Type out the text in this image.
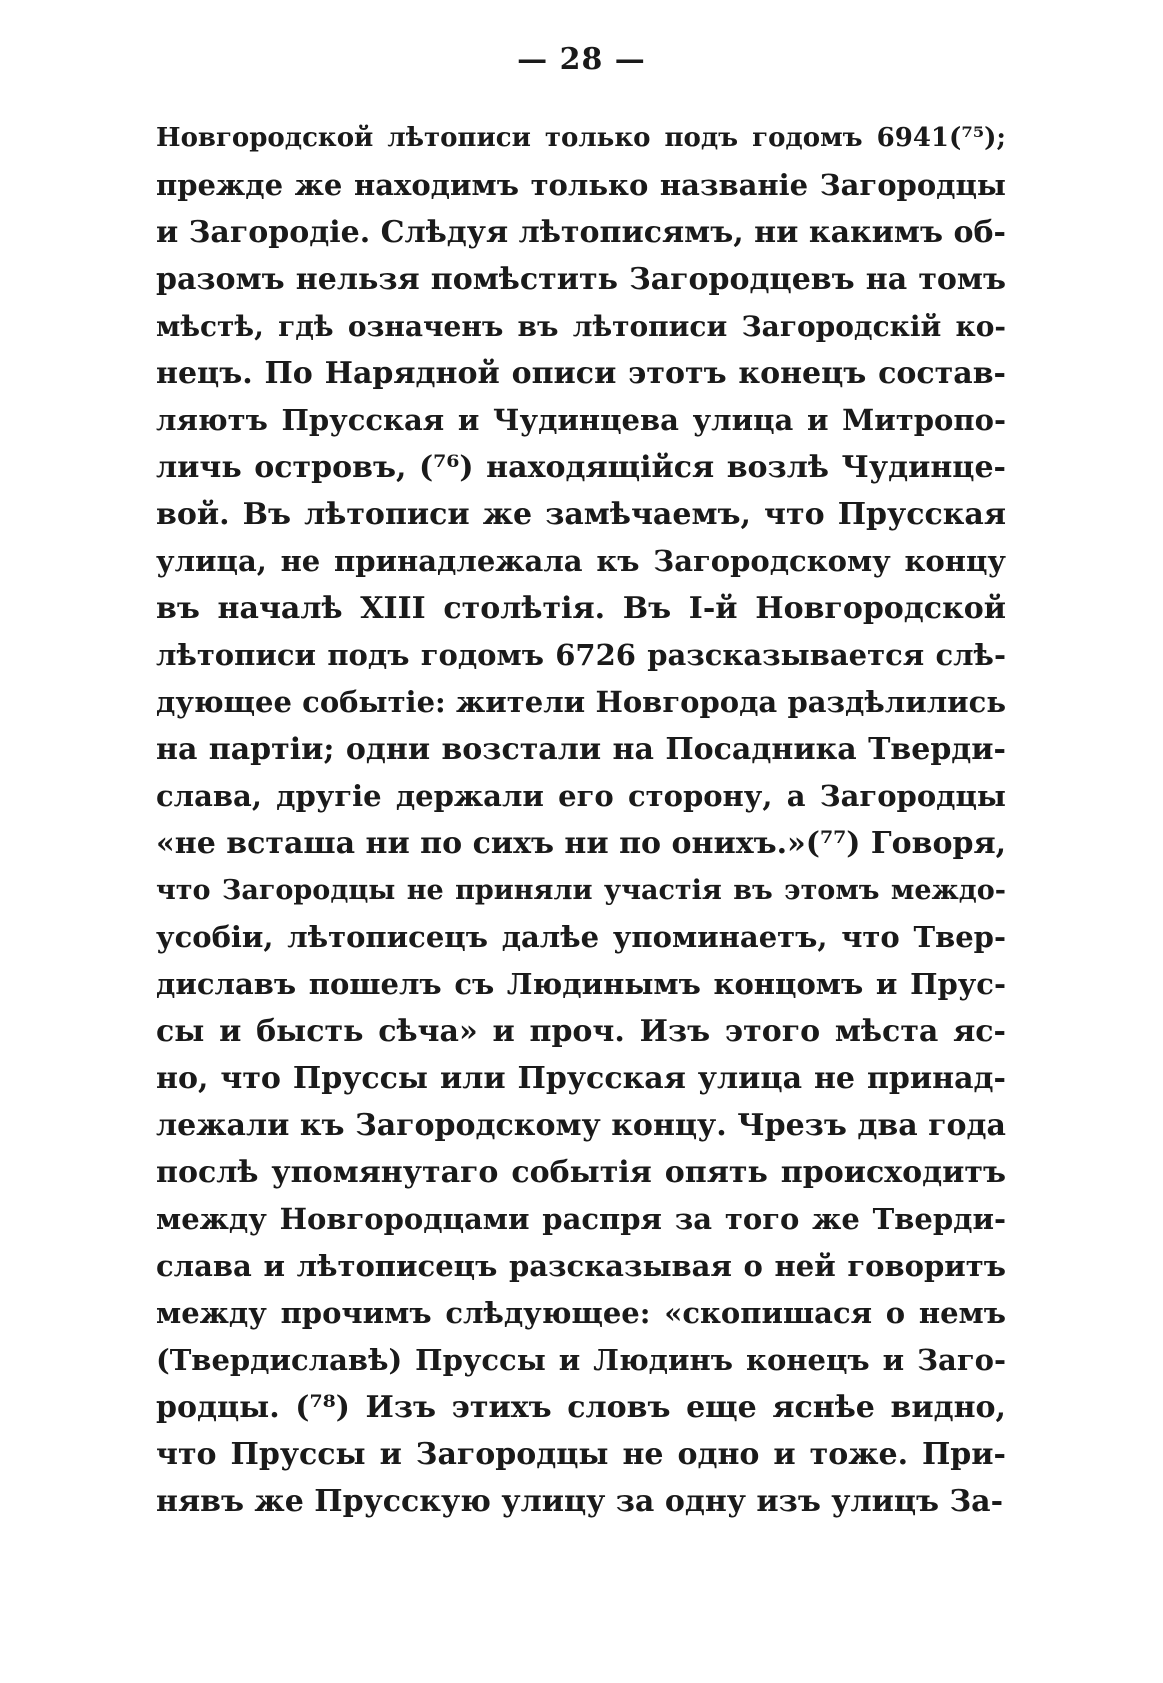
— 28 —
Новгородской лѣтописи только подъ годомъ 6941(⁷⁵);
прежде же находимъ только названіе Загородцы
и Загородіе. Слѣдуя лѣтописямъ, ни какимъ об-
разомъ нельзя помѣстить Загородцевъ на томъ
мѣстѣ, гдѣ означенъ въ лѣтописи Загородскій ко-
нецъ. По Нарядной описи этотъ конецъ состав-
ляютъ Прусская и Чудинцева улица и Митропо-
личь островъ, (⁷⁶) находящійся возлѣ Чудинце-
вой. Въ лѣтописи же замѣчаемъ, что Прусская
улица, не принадлежала къ Загородскому концу
въ началѣ XIII столѣтія. Въ I-й Новгородской
лѣтописи подъ годомъ 6726 разсказывается слѣ-
дующее событіе: жители Новгорода раздѣлились
на партіи; одни возстали на Посадника Тверди-
слава, другіе держали его сторону, а Загородцы
«не всташа ни по сихъ ни по онихъ.»(⁷⁷) Говоря,
что Загородцы не приняли участія въ этомъ междо-
усобіи, лѣтописецъ далѣе упоминаетъ, что Твер-
диславъ пошелъ съ Людинымъ концомъ и Прус-
сы и бысть сѣча» и проч. Изъ этого мѣста яс-
но, что Пруссы или Прусская улица не принад-
лежали къ Загородскому концу. Чрезъ два года
послѣ упомянутаго событія опять происходитъ
между Новгородцами распря за того же Тверди-
слава и лѣтописецъ разсказывая о ней говоритъ
между прочимъ слѣдующее: «скопишася о немъ
(Твердиславѣ) Пруссы и Людинъ конецъ и Заго-
родцы. (⁷⁸) Изъ этихъ словъ еще яснѣе видно,
что Пруссы и Загородцы не одно и тоже. При-
нявъ же Прусскую улицу за одну изъ улицъ За-
